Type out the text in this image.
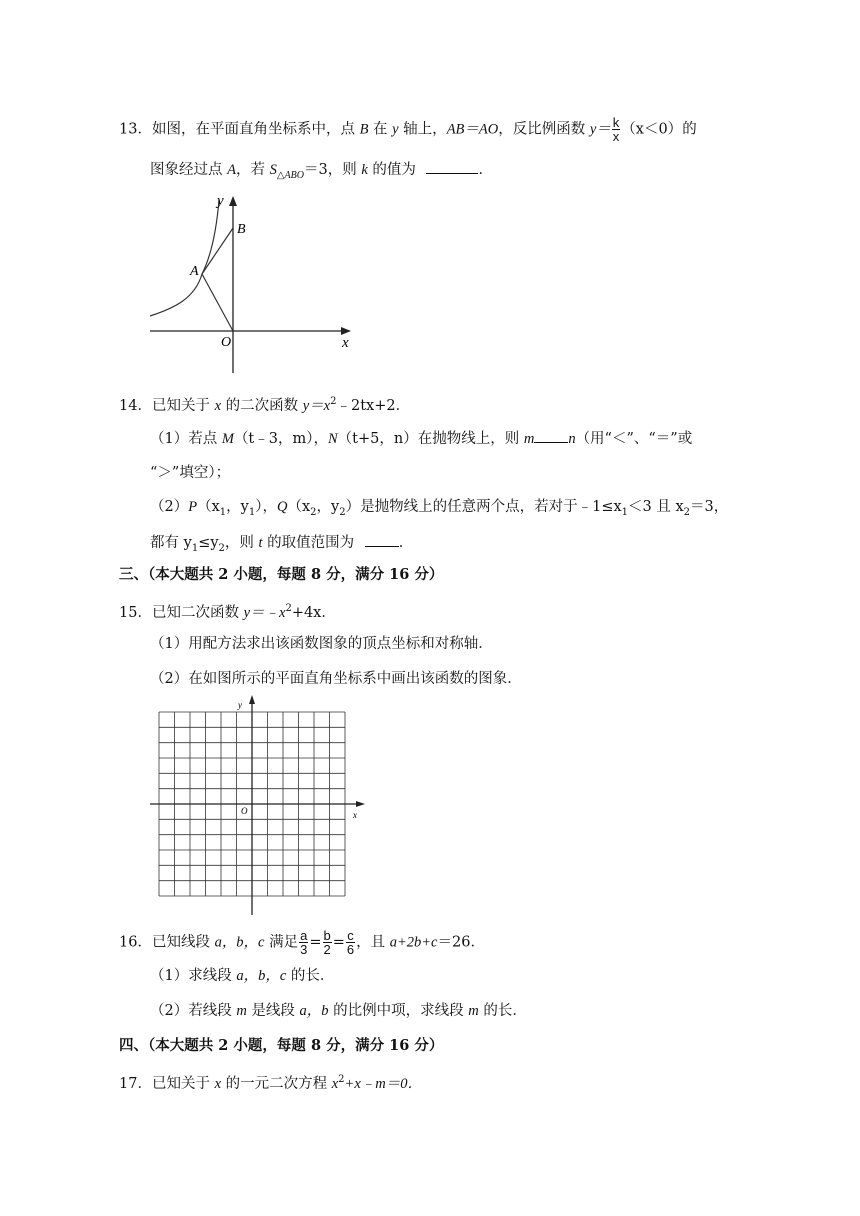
13．如图，在平面直角坐标系中，点 B 在 y 轴上，AB＝AO，反比例函数 $y= \frac{k}{x} (x<0)$的
图象经过点 A，若 $S_{\triangle ABO}=3$，则 k 的值为	．
y
B
A
O	x
14．已知关于 x 的二次函数 $y=x^2﹣2tx+2$．
（1）若点 M（t﹣3，m），N（t+5，n）在抛物线上，则 m n（用“＜”、“＝”或
“＞”填空）；
$(2)P(x_1$，$y_1$），$Q(x_2$，$y_2$）是抛物线上的任意两个点，若对于$﹣1\le x_1<3$ 且 $x_2=3$，
都有 $y_1\le y_2$，则 t 的取值范围为	．
三、（本大题共 2 小题，每题 8 分，满分 16 分）
15．已知二次函数 $y=﹣x^2+4x$．
（1）用配方法求出该函数图象的顶点坐标和对称轴．
（2）在如图所示的平面直角坐标系中画出该函数的图象．
y
O	x
16．已知线段 a，b，c 满足 $\frac{a}{3} = \frac{b}{2} = \frac{c}{6}$ ，且 a+2b+c＝26．
（1）求线段 a，b，c 的长．
（2）若线段 m 是线段 a，b 的比例中项，求线段 m 的长．
四、（本大题共 2 小题，每题 8 分，满分 16 分）
17．已知关于 x 的一元二次方程 $x^2+x﹣m=0$．
